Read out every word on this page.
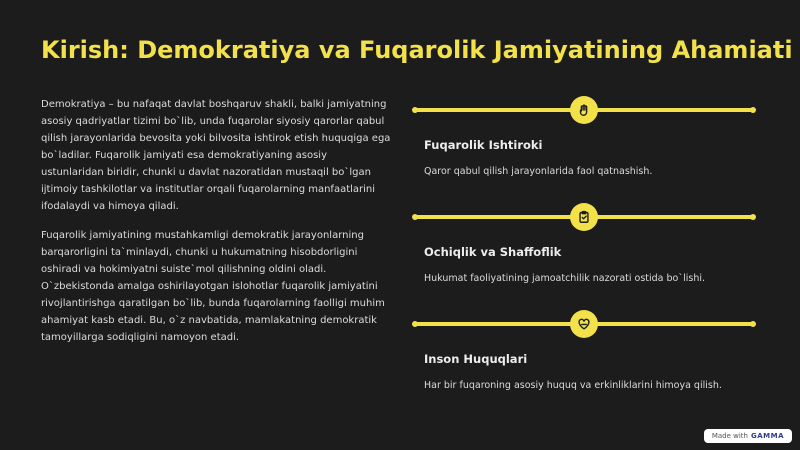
Kirish: Demokratiya va Fuqarolik Jamiyatining Ahamiati

Demokratiya – bu nafaqat davlat boshqaruv shakli, balki jamiyatning asosiy qadriyatlar tizimi bo`lib, unda fuqarolar siyosiy qarorlar qabul qilish jarayonlarida bevosita yoki bilvosita ishtirok etish huquqiga ega bo`ladilar. Fuqarolik jamiyati esa demokratiyaning asosiy ustunlaridan biridir, chunki u davlat nazoratidan mustaqil bo`lgan ijtimoiy tashkilotlar va institutlar orqali fuqarolarning manfaatlarini ifodalaydi va himoya qiladi.

Fuqarolik jamiyatining mustahkamligi demokratik jarayonlarning barqarorligini ta`minlaydi, chunki u hukumatning hisobdorligini oshiradi va hokimiyatni suiste`mol qilishning oldini oladi. O`zbekistonda amalga oshirilayotgan islohotlar fuqarolik jamiyatini rivojlantirishga qaratilgan bo`lib, bunda fuqarolarning faolligi muhim ahamiyat kasb etadi. Bu, o`z navbatida, mamlakatning demokratik tamoyillarga sodiqligini namoyon etadi.

Fuqarolik Ishtiroki
Qaror qabul qilish jarayonlarida faol qatnashish.
Ochiqlik va Shaffoflik
Hukumat faoliyatining jamoatchilik nazorati ostida bo`lishi.
Inson Huquqlari
Har bir fuqaroning asosiy huquq va erkinliklarini himoya qilish.
Made with GAMMA
